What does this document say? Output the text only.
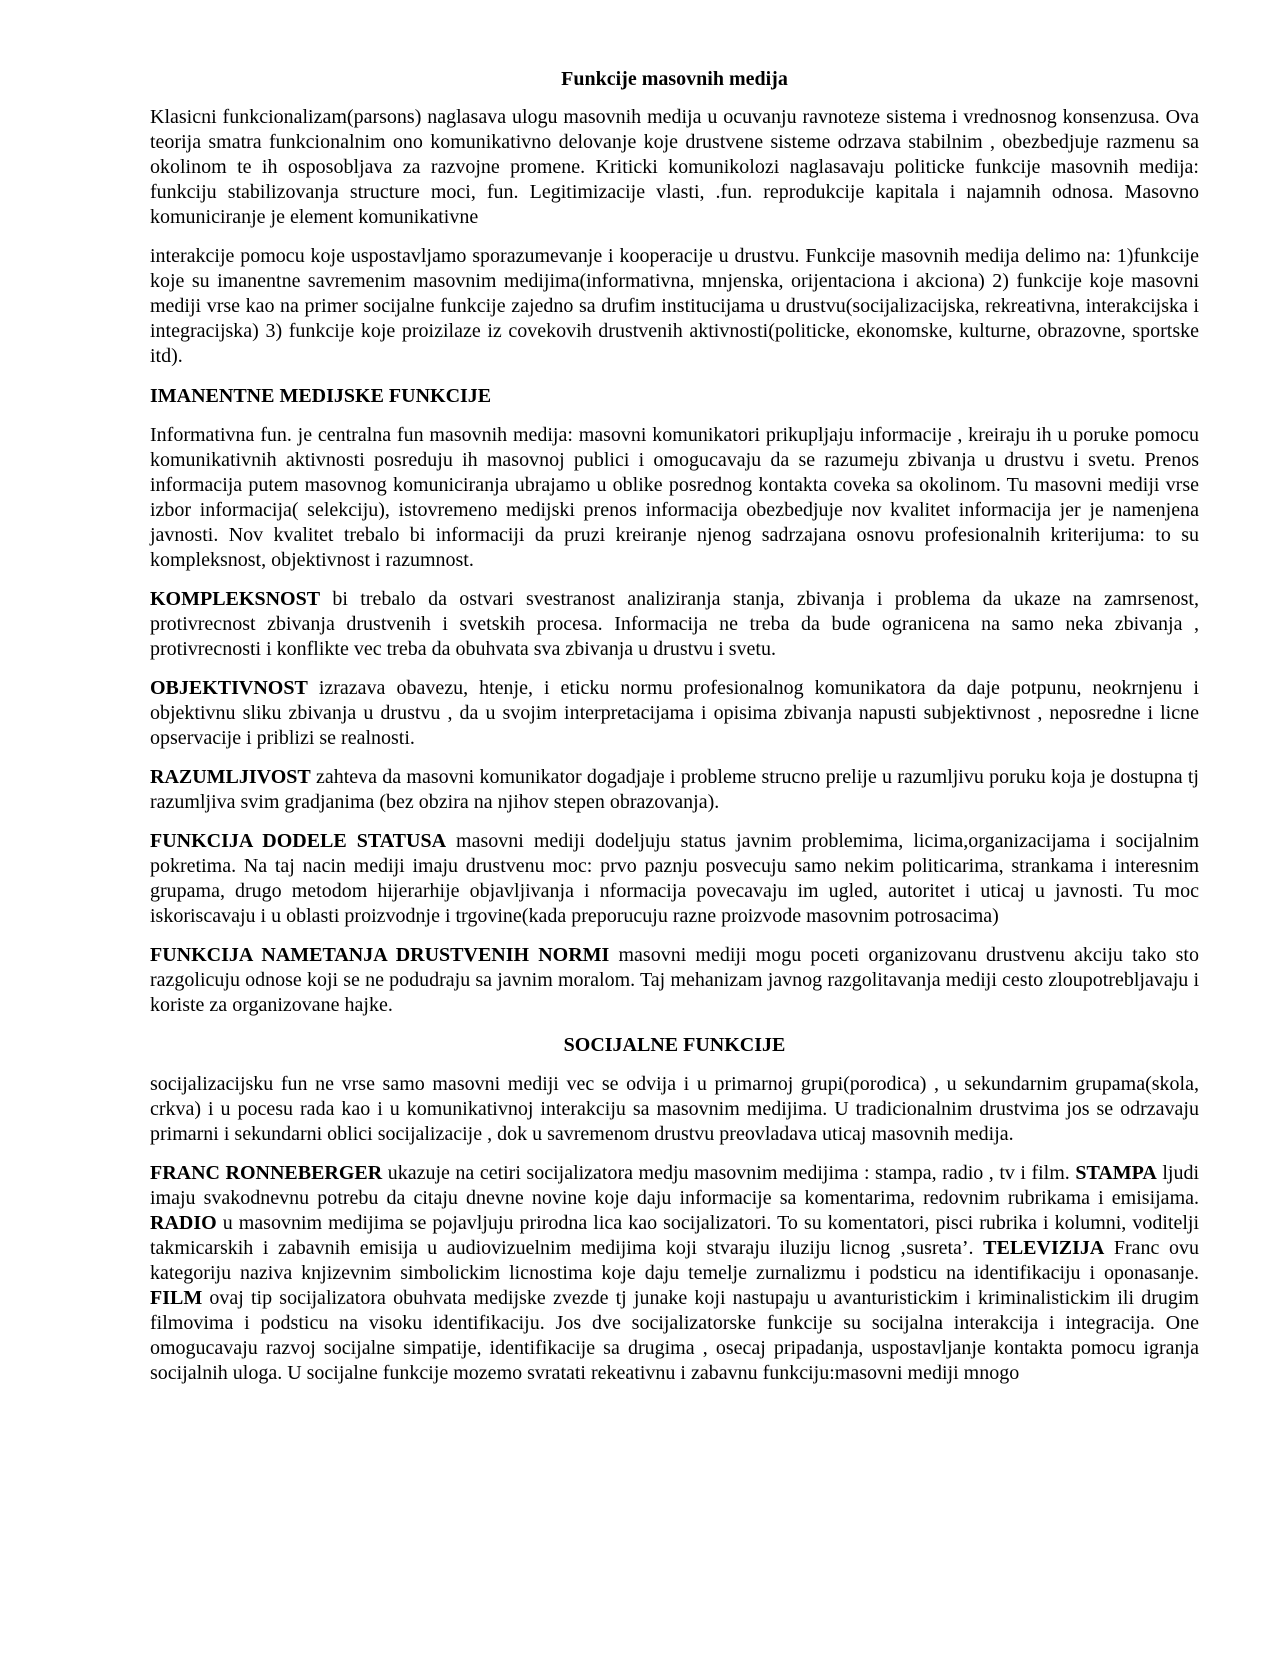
Funkcije masovnih medija

Klasicni funkcionalizam(parsons) naglasava ulogu masovnih medija u ocuvanju ravnoteze sistema i vrednosnog konsenzusa. Ova teorija smatra funkcionalnim ono komunikativno delovanje koje drustvene sisteme odrzava stabilnim , obezbedjuje razmenu sa okolinom te ih osposobljava za razvojne promene. Kriticki komunikolozi naglasavaju politicke funkcije masovnih medija: funkciju stabilizovanja structure moci, fun. Legitimizacije vlasti, .fun. reprodukcije kapitala i najamnih odnosa. Masovno komuniciranje je element komunikativne

interakcije pomocu koje uspostavljamo sporazumevanje i kooperacije u drustvu. Funkcije masovnih medija delimo na: 1)funkcije koje su imanentne savremenim masovnim medijima(informativna, mnjenska, orijentaciona i akciona) 2) funkcije koje masovni mediji vrse kao na primer socijalne funkcije zajedno sa drufim institucijama u drustvu(socijalizacijska, rekreativna, interakcijska i integracijska) 3) funkcije koje proizilaze iz covekovih drustvenih aktivnosti(politicke, ekonomske, kulturne, obrazovne, sportske itd).

IMANENTNE MEDIJSKE FUNKCIJE

Informativna fun. je centralna fun masovnih medija: masovni komunikatori prikupljaju informacije , kreiraju ih u poruke pomocu komunikativnih aktivnosti posreduju ih masovnoj publici i omogucavaju da se razumeju zbivanja u drustvu i svetu. Prenos informacija putem masovnog komuniciranja ubrajamo u oblike posrednog kontakta coveka sa okolinom. Tu masovni mediji vrse izbor informacija( selekciju), istovremeno medijski prenos informacija obezbedjuje nov kvalitet informacija jer je namenjena javnosti. Nov kvalitet trebalo bi informaciji da pruzi kreiranje njenog sadrzajana osnovu profesionalnih kriterijuma: to su kompleksnost, objektivnost i razumnost.

KOMPLEKSNOST bi trebalo da ostvari svestranost analiziranja stanja, zbivanja i problema da ukaze na zamrsenost, protivrecnost zbivanja drustvenih i svetskih procesa. Informacija ne treba da bude ogranicena na samo neka zbivanja , protivrecnosti i konflikte vec treba da obuhvata sva zbivanja u drustvu i svetu.

OBJEKTIVNOST izrazava obavezu, htenje, i eticku normu profesionalnog komunikatora da daje potpunu, neokrnjenu i objektivnu sliku zbivanja u drustvu , da u svojim interpretacijama i opisima zbivanja napusti subjektivnost , neposredne i licne opservacije i priblizi se realnosti.

RAZUMLJIVOST zahteva da masovni komunikator dogadjaje i probleme strucno prelije u razumljivu poruku koja je dostupna tj razumljiva svim gradjanima (bez obzira na njihov stepen obrazovanja).

FUNKCIJA DODELE STATUSA masovni mediji dodeljuju status javnim problemima, licima,organizacijama i socijalnim pokretima. Na taj nacin mediji imaju drustvenu moc: prvo paznju posvecuju samo nekim politicarima, strankama i interesnim grupama, drugo metodom hijerarhije objavljivanja i nformacija povecavaju im ugled, autoritet i uticaj u javnosti. Tu moc iskoriscavaju i u oblasti proizvodnje i trgovine(kada preporucuju razne proizvode masovnim potrosacima)

FUNKCIJA NAMETANJA DRUSTVENIH NORMI masovni mediji mogu poceti organizovanu drustvenu akciju tako sto razgolicuju odnose koji se ne podudraju sa javnim moralom. Taj mehanizam javnog razgolitavanja mediji cesto zloupotrebljavaju i koriste za organizovane hajke.

SOCIJALNE FUNKCIJE

socijalizacijsku fun ne vrse samo masovni mediji vec se odvija i u primarnoj grupi(porodica) , u sekundarnim grupama(skola, crkva) i u pocesu rada kao i u komunikativnoj interakciju sa masovnim medijima. U tradicionalnim drustvima jos se odrzavaju primarni i sekundarni oblici socijalizacije , dok u savremenom drustvu preovladava uticaj masovnih medija.

FRANC RONNEBERGER ukazuje na cetiri socijalizatora medju masovnim medijima : stampa, radio , tv i film. STAMPA ljudi imaju svakodnevnu potrebu da citaju dnevne novine koje daju informacije sa komentarima, redovnim rubrikama i emisijama. RADIO u masovnim medijima se pojavljuju prirodna lica kao socijalizatori. To su komentatori, pisci rubrika i kolumni, voditelji takmicarskih i zabavnih emisija u audiovizuelnim medijima koji stvaraju iluziju licnog ‚susreta’. TELEVIZIJA Franc ovu kategoriju naziva knjizevnim simbolickim licnostima koje daju temelje zurnalizmu i podsticu na identifikaciju i oponasanje. FILM ovaj tip socijalizatora obuhvata medijske zvezde tj junake koji nastupaju u avanturistickim i kriminalistickim ili drugim filmovima i podsticu na visoku identifikaciju. Jos dve socijalizatorske funkcije su socijalna interakcija i integracija. One omogucavaju razvoj socijalne simpatije, identifikacije sa drugima , osecaj pripadanja, uspostavljanje kontakta pomocu igranja socijalnih uloga. U socijalne funkcije mozemo svratati rekeativnu i zabavnu funkciju:masovni mediji mnogo
